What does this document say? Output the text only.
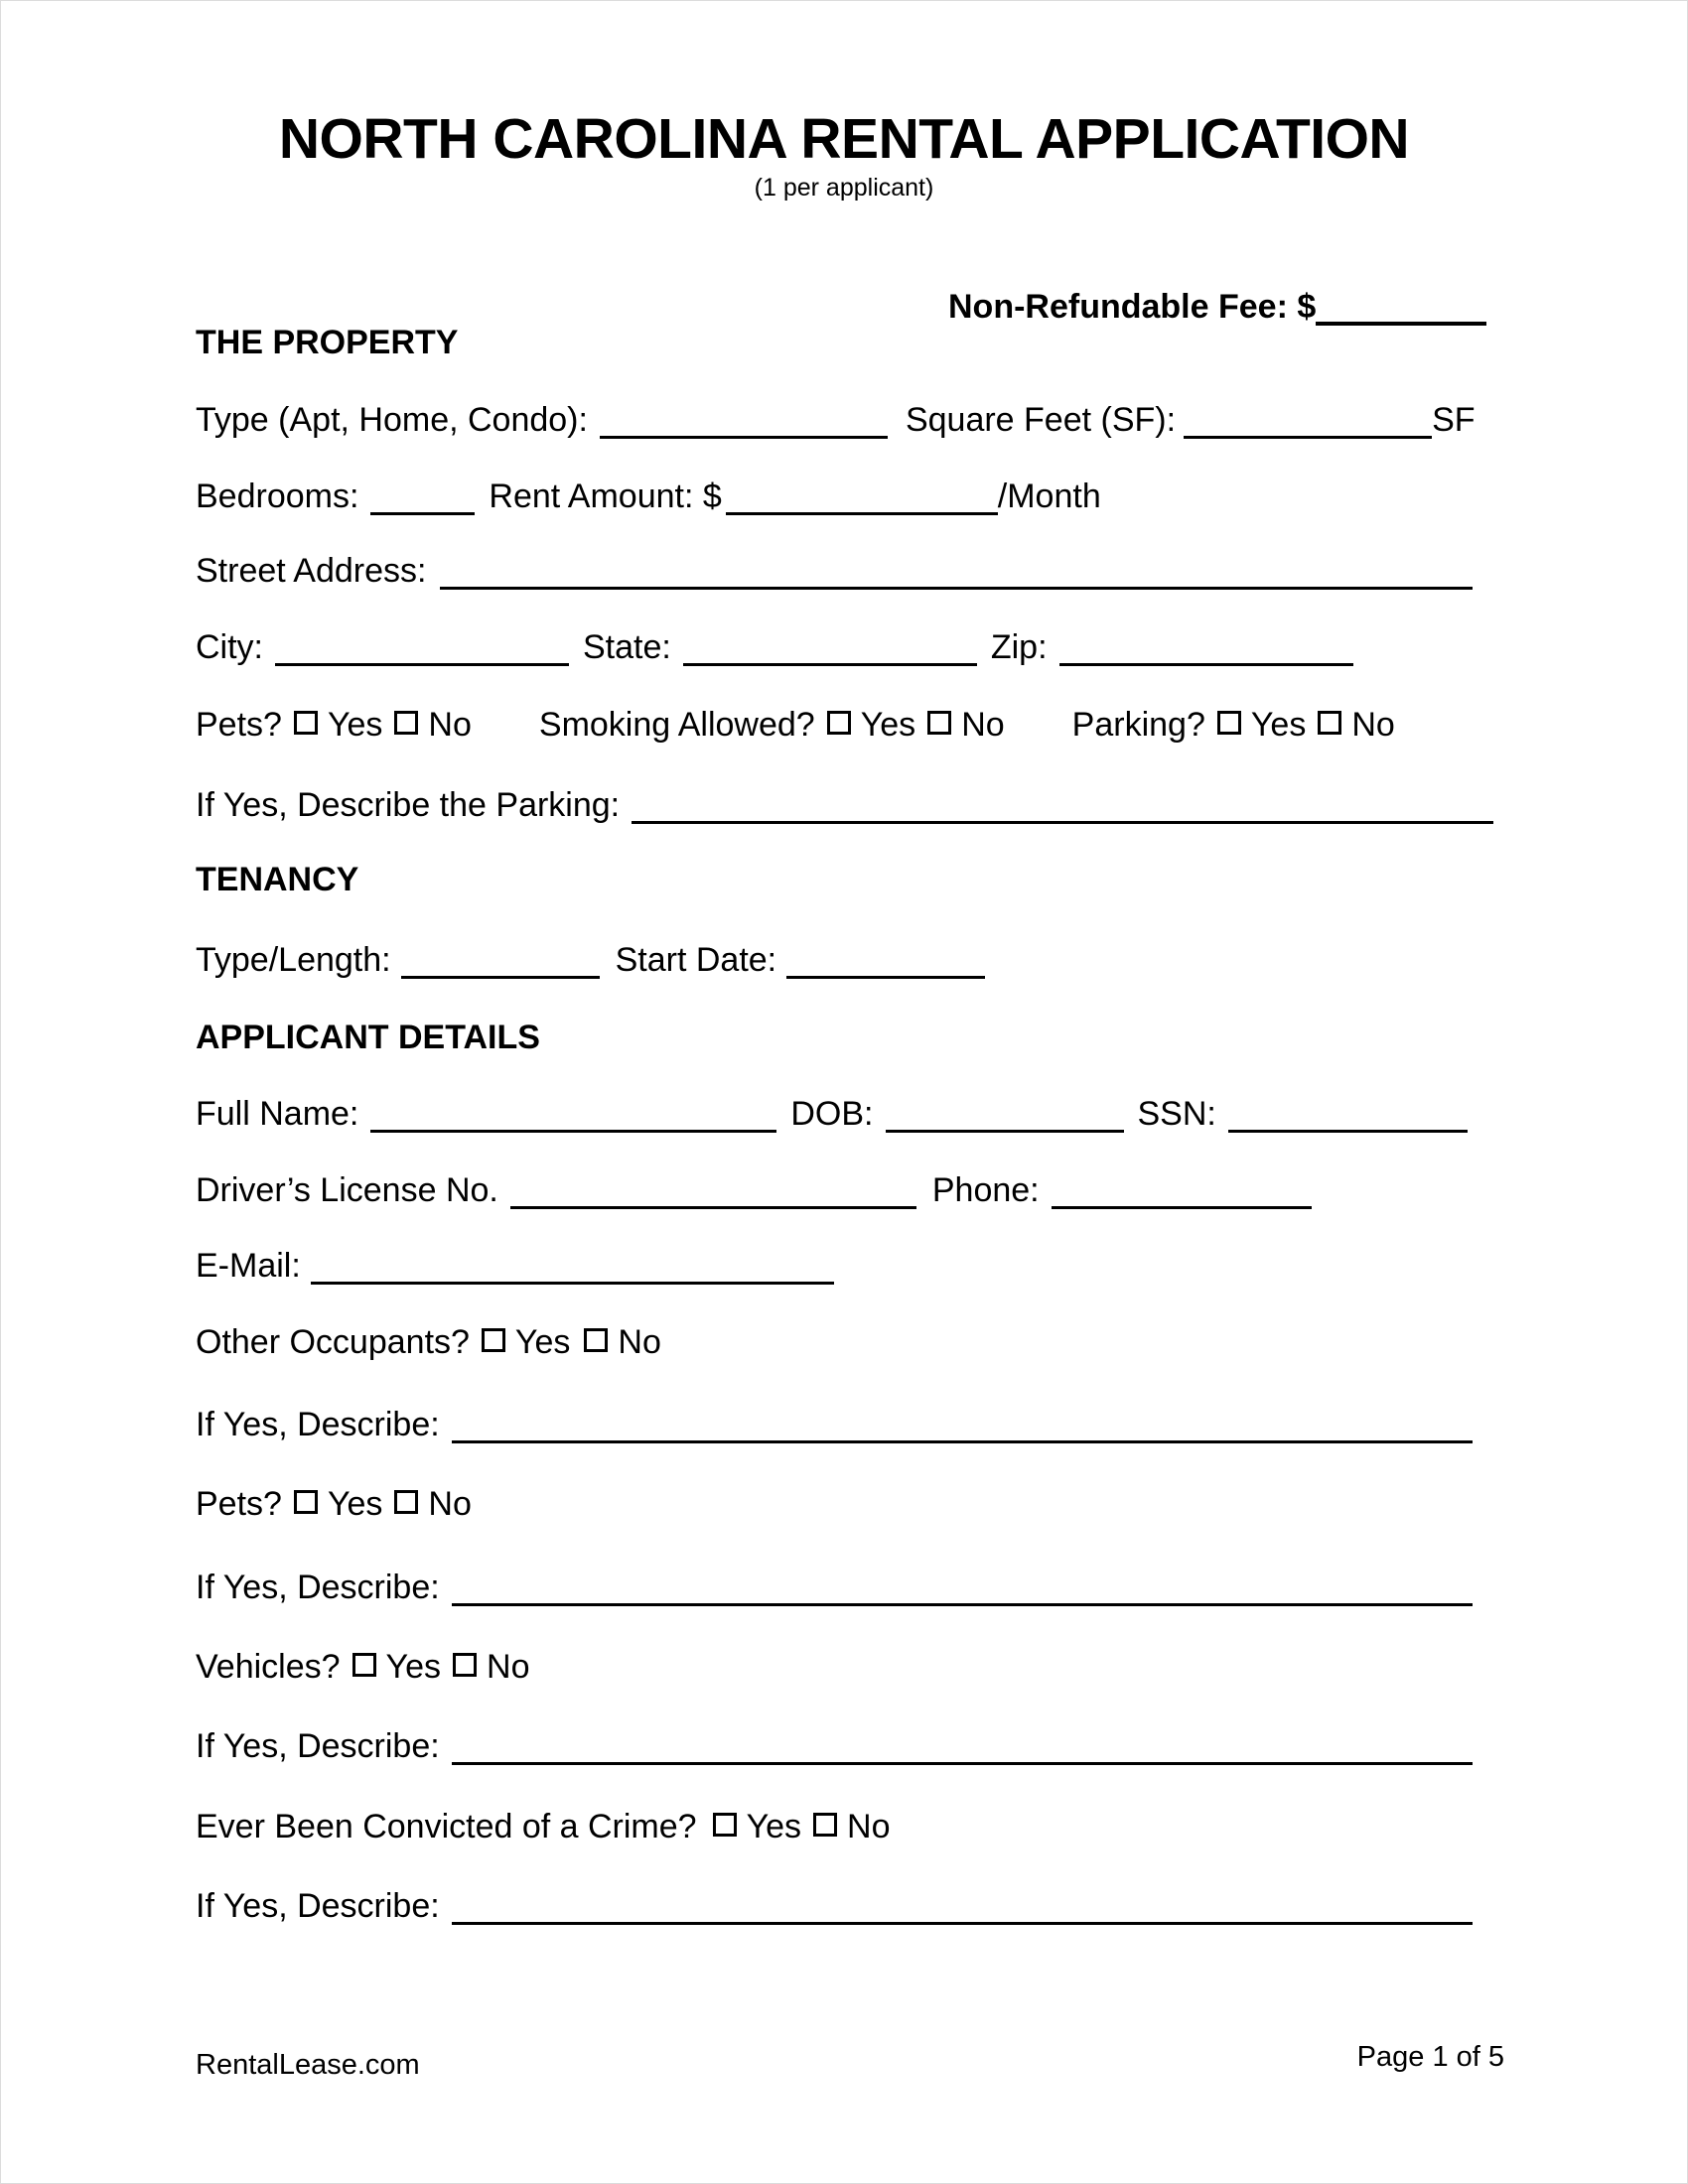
NORTH CAROLINA RENTAL APPLICATION
(1 per applicant)
Non-Refundable Fee: $
THE PROPERTY
Type (Apt, Home, Condo):	Square Feet (SF):	SF
Bedrooms:	Rent Amount: $	/Month
Street Address:
City:	State:	Zip:
Pets? Yes No Smoking Allowed? Yes No Parking? Yes No
If Yes, Describe the Parking:
TENANCY
Type/Length:	Start Date:
APPLICANT DETAILS
Full Name:	DOB:	SSN:
Driver’s License No.	Phone:
E-Mail:
Other Occupants? Yes No
If Yes, Describe:
Pets? Yes No
If Yes, Describe:
Vehicles? Yes No
If Yes, Describe:
Ever Been Convicted of a Crime? Yes No
If Yes, Describe:
RentalLease.com	Page 1 of 5
